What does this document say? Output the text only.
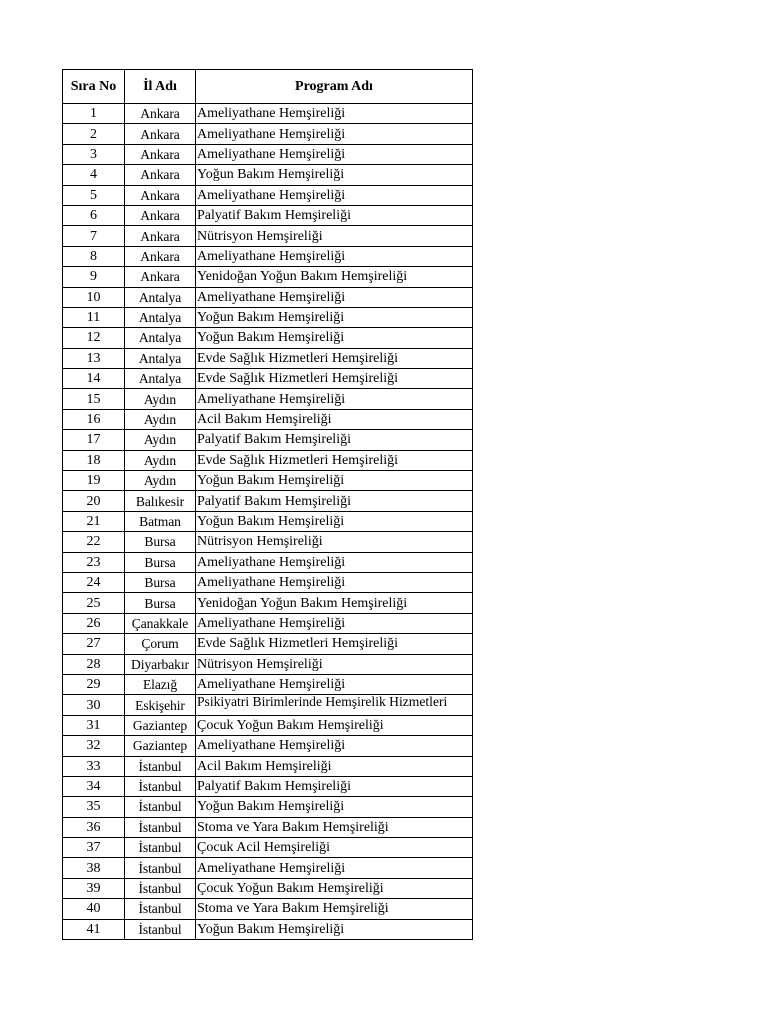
Sıra No	İl Adı	Program Adı
1	Ankara	Ameliyathane Hemşireliği
2	Ankara	Ameliyathane Hemşireliği
3	Ankara	Ameliyathane Hemşireliği
4	Ankara	Yoğun Bakım Hemşireliği
5	Ankara	Ameliyathane Hemşireliği
6	Ankara	Palyatif Bakım Hemşireliği
7	Ankara	Nütrisyon Hemşireliği
8	Ankara	Ameliyathane Hemşireliği
9	Ankara	Yenidoğan Yoğun Bakım Hemşireliği
10	Antalya	Ameliyathane Hemşireliği
11	Antalya	Yoğun Bakım Hemşireliği
12	Antalya	Yoğun Bakım Hemşireliği
13	Antalya	Evde Sağlık Hizmetleri Hemşireliği
14	Antalya	Evde Sağlık Hizmetleri Hemşireliği
15	Aydın	Ameliyathane Hemşireliği
16	Aydın	Acil Bakım Hemşireliği
17	Aydın	Palyatif Bakım Hemşireliği
18	Aydın	Evde Sağlık Hizmetleri Hemşireliği
19	Aydın	Yoğun Bakım Hemşireliği
20	Balıkesir	Palyatif Bakım Hemşireliği
21	Batman	Yoğun Bakım Hemşireliği
22	Bursa	Nütrisyon Hemşireliği
23	Bursa	Ameliyathane Hemşireliği
24	Bursa	Ameliyathane Hemşireliği
25	Bursa	Yenidoğan Yoğun Bakım Hemşireliği
26	Çanakkale	Ameliyathane Hemşireliği
27	Çorum	Evde Sağlık Hizmetleri Hemşireliği
28	Diyarbakır	Nütrisyon Hemşireliği
29	Elazığ	Ameliyathane Hemşireliği
30	Eskişehir	Psikiyatri Birimlerinde Hemşirelik Hizmetleri
31	Gaziantep	Çocuk Yoğun Bakım Hemşireliği
32	Gaziantep	Ameliyathane Hemşireliği
33	İstanbul	Acil Bakım Hemşireliği
34	İstanbul	Palyatif Bakım Hemşireliği
35	İstanbul	Yoğun Bakım Hemşireliği
36	İstanbul	Stoma ve Yara Bakım Hemşireliği
37	İstanbul	Çocuk Acil Hemşireliği
38	İstanbul	Ameliyathane Hemşireliği
39	İstanbul	Çocuk Yoğun Bakım Hemşireliği
40	İstanbul	Stoma ve Yara Bakım Hemşireliği
41	İstanbul	Yoğun Bakım Hemşireliği
